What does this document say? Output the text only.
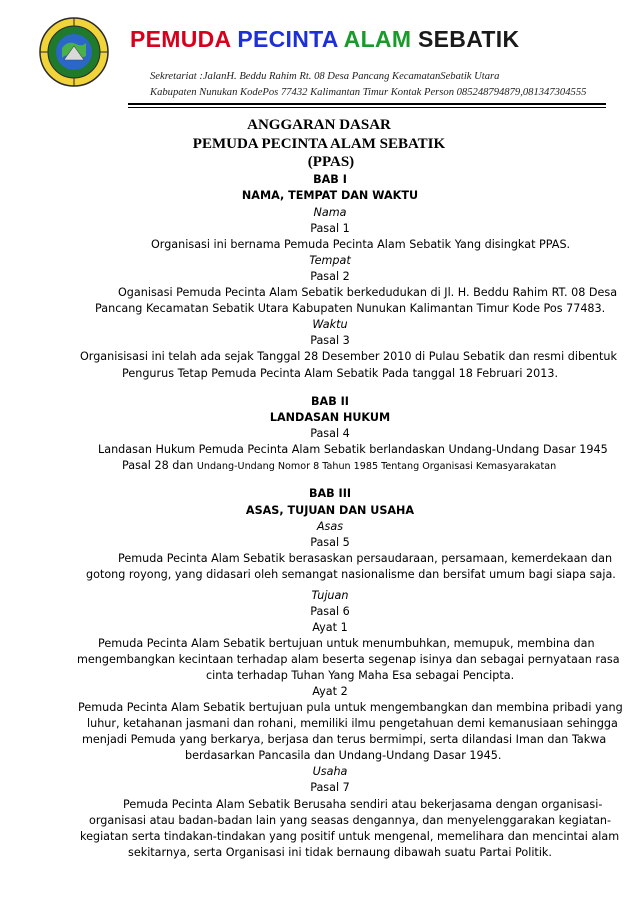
PEMUDA PECINTA ALAM SEBATIK
Sekretariat :JalanH. Beddu Rahim Rt. 08 Desa Pancang KecamatanSebatik Utara
Kabupaten Nunukan KodePos 77432 Kalimantan Timur Kontak Person 085248794879,081347304555
ANGGARAN DASAR
PEMUDA PECINTA ALAM SEBATIK
(PPAS)
BAB I
NAMA, TEMPAT DAN WAKTU
Nama
Pasal 1
Organisasi ini bernama Pemuda Pecinta Alam Sebatik Yang disingkat PPAS.
Tempat
Pasal 2
Oganisasi Pemuda Pecinta Alam Sebatik berkedudukan di Jl. H. Beddu Rahim RT. 08 Desa
Pancang Kecamatan Sebatik Utara Kabupaten Nunukan Kalimantan Timur Kode Pos 77483.
Waktu
Pasal 3
Organisisasi ini telah ada sejak Tanggal 28 Desember 2010 di Pulau Sebatik dan resmi dibentuk
Pengurus Tetap Pemuda Pecinta Alam Sebatik Pada tanggal 18 Februari 2013.
BAB II
LANDASAN HUKUM
Pasal 4
Landasan Hukum Pemuda Pecinta Alam Sebatik berlandaskan Undang-Undang Dasar 1945
Pasal 28 dan Undang-Undang Nomor 8 Tahun 1985 Tentang Organisasi Kemasyarakatan
BAB III
ASAS, TUJUAN DAN USAHA
Asas
Pasal 5
Pemuda Pecinta Alam Sebatik berasaskan persaudaraan, persamaan, kemerdekaan dan
gotong royong, yang didasari oleh semangat nasionalisme dan bersifat umum bagi siapa saja.
Tujuan
Pasal 6
Ayat 1
Pemuda Pecinta Alam Sebatik bertujuan untuk menumbuhkan, memupuk, membina dan
mengembangkan kecintaan terhadap alam beserta segenap isinya dan sebagai pernyataan rasa
cinta terhadap Tuhan Yang Maha Esa sebagai Pencipta.
Ayat 2
Pemuda Pecinta Alam Sebatik bertujuan pula untuk mengembangkan dan membina pribadi yang
luhur, ketahanan jasmani dan rohani, memiliki ilmu pengetahuan demi kemanusiaan sehingga
menjadi Pemuda yang berkarya, berjasa dan terus bermimpi, serta dilandasi Iman dan Takwa
berdasarkan Pancasila dan Undang-Undang Dasar 1945.
Usaha
Pasal 7
Pemuda Pecinta Alam Sebatik Berusaha sendiri atau bekerjasama dengan organisasi-
organisasi atau badan-badan lain yang seasas dengannya, dan menyelenggarakan kegiatan-
kegiatan serta tindakan-tindakan yang positif untuk mengenal, memelihara dan mencintai alam
sekitarnya, serta Organisasi ini tidak bernaung dibawah suatu Partai Politik.
